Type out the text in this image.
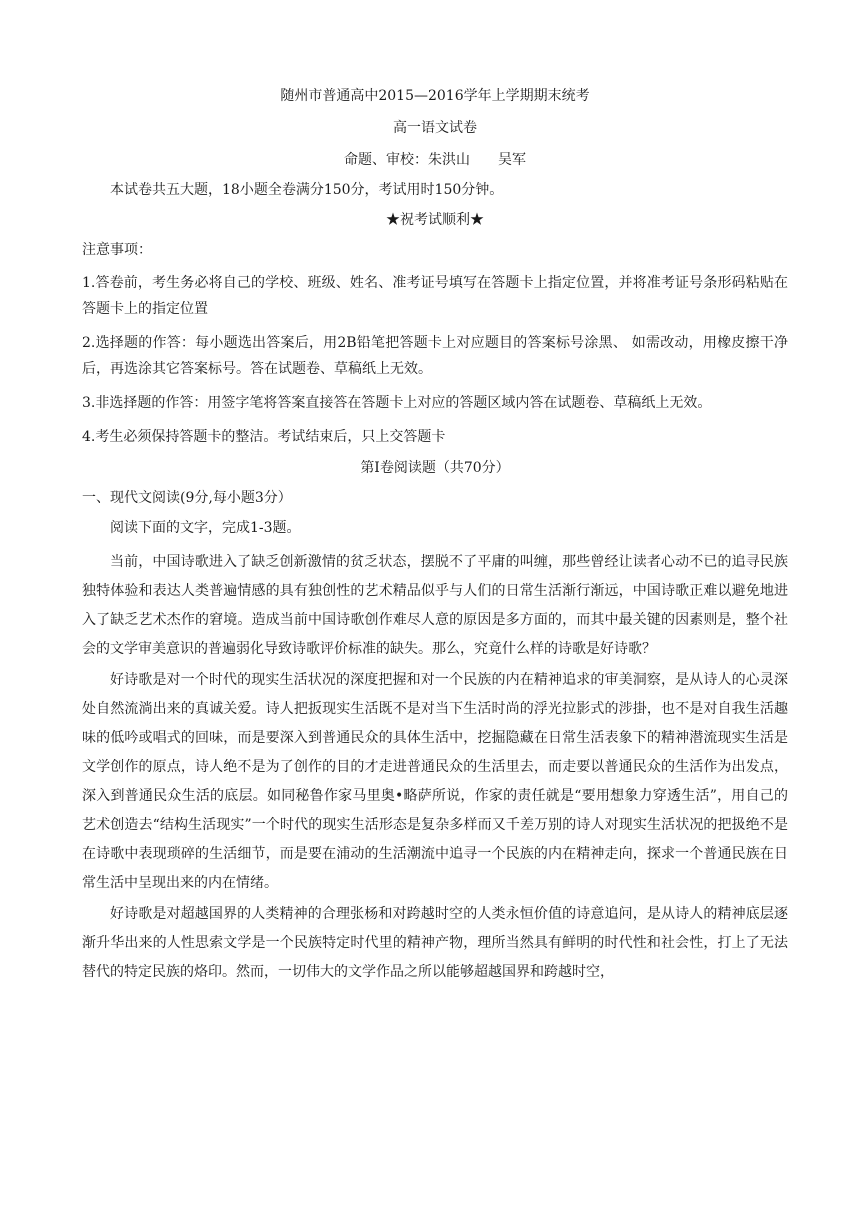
随州市普通高中2015—2016学年上学期期末统考
高一语文试卷
命题、审校：朱洪山　　吴军

本试卷共五大题，18小题全卷满分150分，考试用时150分钟。

★祝考试顺利★

注意事项：

1.答卷前，考生务必将自己的学校、班级、姓名、准考证号填写在答题卡上指定位置，并将准考证号条形码粘贴在答题卡上的指定位置
2.选择题的作答：每小题选出答案后，用2B铅笔把答题卡上对应题目的答案标号涂黑、 如需改动，用橡皮擦干净后，再选涂其它答案标号。答在试题卷、草稿纸上无效。
3.非选择题的作答：用签字笔将答案直接答在答题卡上对应的答题区域内答在试题卷、草稿纸上无效。
4.考生必须保持答题卡的整洁。考试结束后，只上交答题卡
第Ⅰ卷阅读题（共70分）

一、现代文阅读(9分,每小题3分）

阅读下面的文字，完成1-3题。

当前，中国诗歌进入了缺乏创新激情的贫乏状态，摆脱不了平庸的叫缠，那些曾经让读者心动不已的追寻民族独特体验和表达人类普遍情感的具有独创性的艺术精品似乎与人们的日常生活渐行渐远，中国诗歌正难以避免地进入了缺乏艺术杰作的窘境。造成当前中国诗歌创作难尽人意的原因是多方面的，而其中最关键的因素则是，整个社会的文学审美意识的普遍弱化导致诗歌评价标准的缺失。那么，究竟什么样的诗歌是好诗歌？

好诗歌是对一个时代的现实生活状况的深度把握和对一个民族的内在精神追求的审美洞察，是从诗人的心灵深处自然流淌出来的真诚关爱。诗人把扳现实生活既不是对当下生活时尚的浮光拉影式的涉掛，也不是对自我生活趣味的低吟或唱式的回味，而是要深入到普通民众的具体生活中，挖掘隐藏在日常生活表象下的精神潜流现实生活是文学创作的原点，诗人绝不是为了创作的目的才走进普通民众的生活里去，而走要以普通民众的生活作为出发点，深入到普通民众生活的底层。如同秘鲁作家马里奥•略萨所说，作家的责任就是“要用想象力穿透生活”，用自己的艺术创造去“结构生活现实”一个时代的现实生活形态是复杂多样而又千差万别的诗人对现实生活状况的把扱绝不是在诗歌中表现琐碎的生活细节，而是要在浦动的生活潮流中追寻一个民族的内在精神走向，探求一个普通民族在日常生活中呈现出来的内在情绪。

好诗歌是对超越国界的人类精神的合理张杨和对跨越时空的人类永恒价值的诗意追问，是从诗人的精神底层逐渐升华出来的人性思索文学是一个民族特定时代里的精神产物，理所当然具有鲜明的时代性和社会性，打上了无法替代的特定民族的烙印。然而，一切伟大的文学作品之所以能够超越国界和跨越时空，
